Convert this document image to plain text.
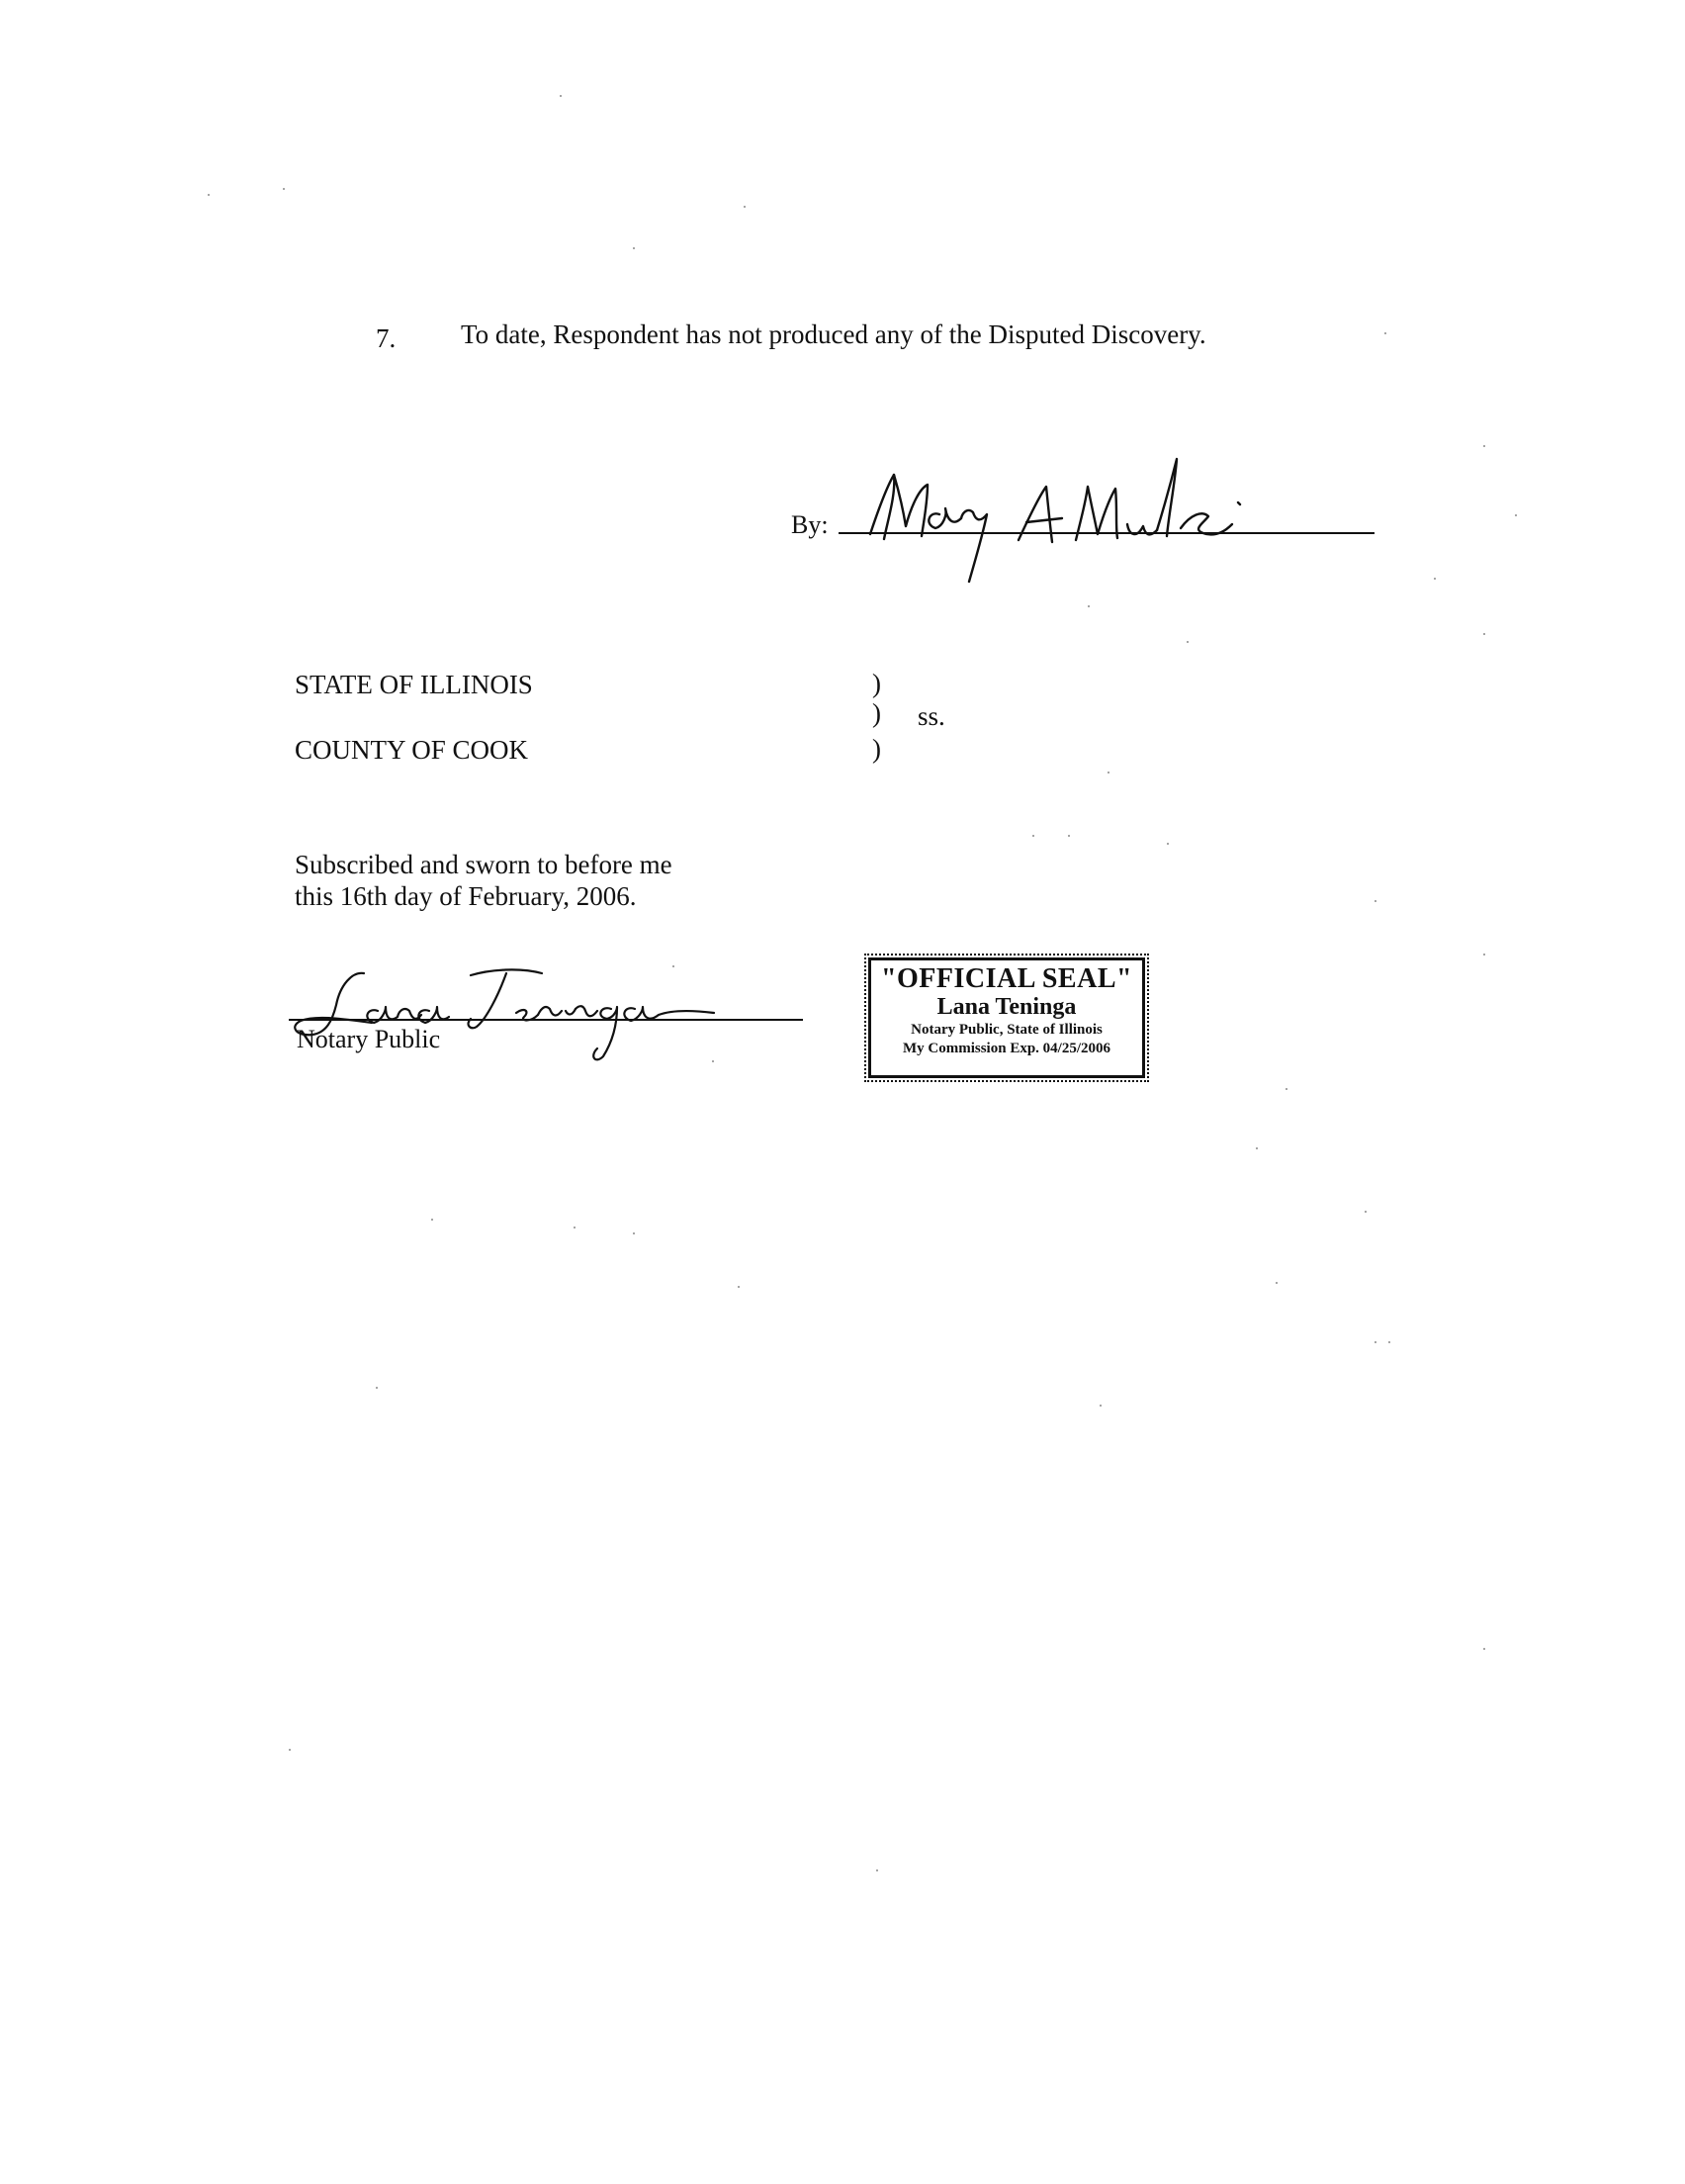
7. To date, Respondent has not produced any of the Disputed Discovery.
By:
STATE OF ILLINOIS
COUNTY OF COOK
)
)
)
ss.
Subscribed and sworn to before me
this 16th day of February, 2006.
Notary Public
"OFFICIAL SEAL"
Lana Teninga
Notary Public, State of Illinois
My Commission Exp. 04/25/2006
